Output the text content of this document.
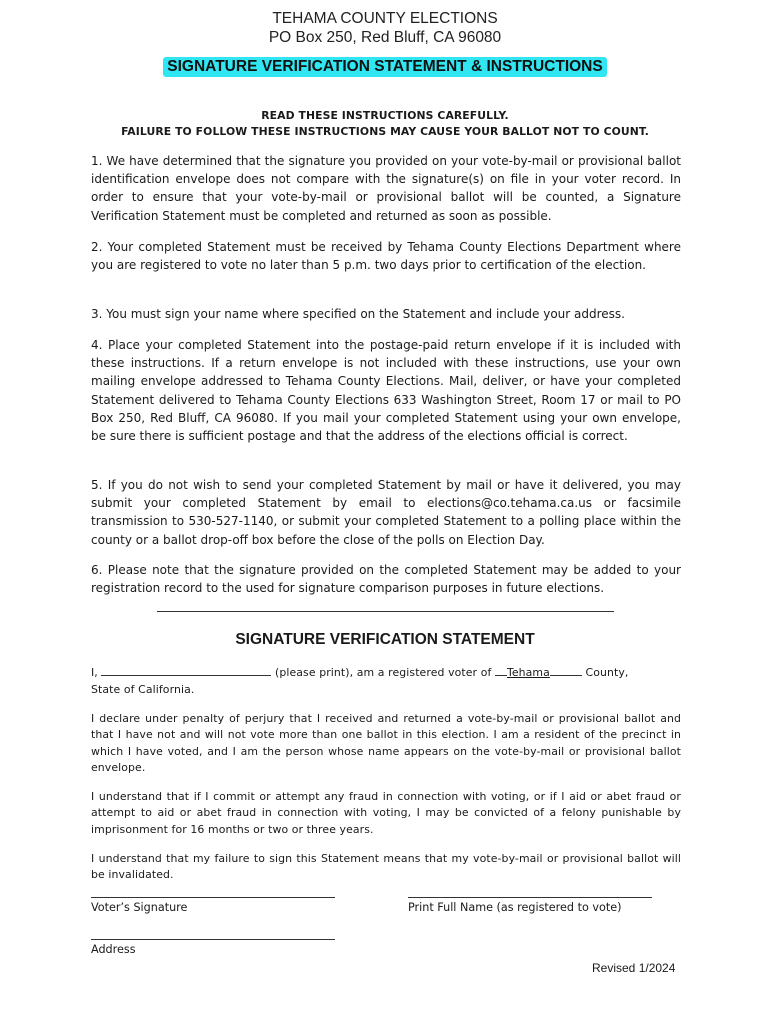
TEHAMA COUNTY ELECTIONS
PO Box 250, Red Bluff, CA 96080
SIGNATURE VERIFICATION STATEMENT & INSTRUCTIONS
READ THESE INSTRUCTIONS CAREFULLY.
FAILURE TO FOLLOW THESE INSTRUCTIONS MAY CAUSE YOUR BALLOT NOT TO COUNT.

1. We have determined that the signature you provided on your vote-by-mail or provisional ballot identification envelope does not compare with the signature(s) on file in your voter record. In order to ensure that your vote-by-mail or provisional ballot will be counted, a Signature Verification Statement must be completed and returned as soon as possible.

2. Your completed Statement must be received by Tehama County Elections Department where you are registered to vote no later than 5 p.m. two days prior to certification of the election.

3. You must sign your name where specified on the Statement and include your address.

4. Place your completed Statement into the postage-paid return envelope if it is included with these instructions. If a return envelope is not included with these instructions, use your own mailing envelope addressed to Tehama County Elections. Mail, deliver, or have your completed Statement delivered to Tehama County Elections 633 Washington Street, Room 17 or mail to PO Box 250, Red Bluff, CA 96080. If you mail your completed Statement using your own envelope, be sure there is sufficient postage and that the address of the elections official is correct.

5. If you do not wish to send your completed Statement by mail or have it delivered, you may submit your completed Statement by email to elections@co.tehama.ca.us or facsimile transmission to 530-527-1140, or submit your completed Statement to a polling place within the county or a ballot drop-off box before the close of the polls on Election Day.

6. Please note that the signature provided on the completed Statement may be added to your registration record to the used for signature comparison purposes in future elections.

SIGNATURE VERIFICATION STATEMENT

I,	(please print), am a registered voter of Tehama	County,

State of California.

I declare under penalty of perjury that I received and returned a vote-by-mail or provisional ballot and that I have not and will not vote more than one ballot in this election. I am a resident of the precinct in which I have voted, and I am the person whose name appears on the vote-by-mail or provisional ballot envelope.

I understand that if I commit or attempt any fraud in connection with voting, or if I aid or abet fraud or attempt to aid or abet fraud in connection with voting, I may be convicted of a felony punishable by imprisonment for 16 months or two or three years.

I understand that my failure to sign this Statement means that my vote-by-mail or provisional ballot will be invalidated.

Voter’s Signature	Print Full Name (as registered to vote)
Address
Revised 1/2024
